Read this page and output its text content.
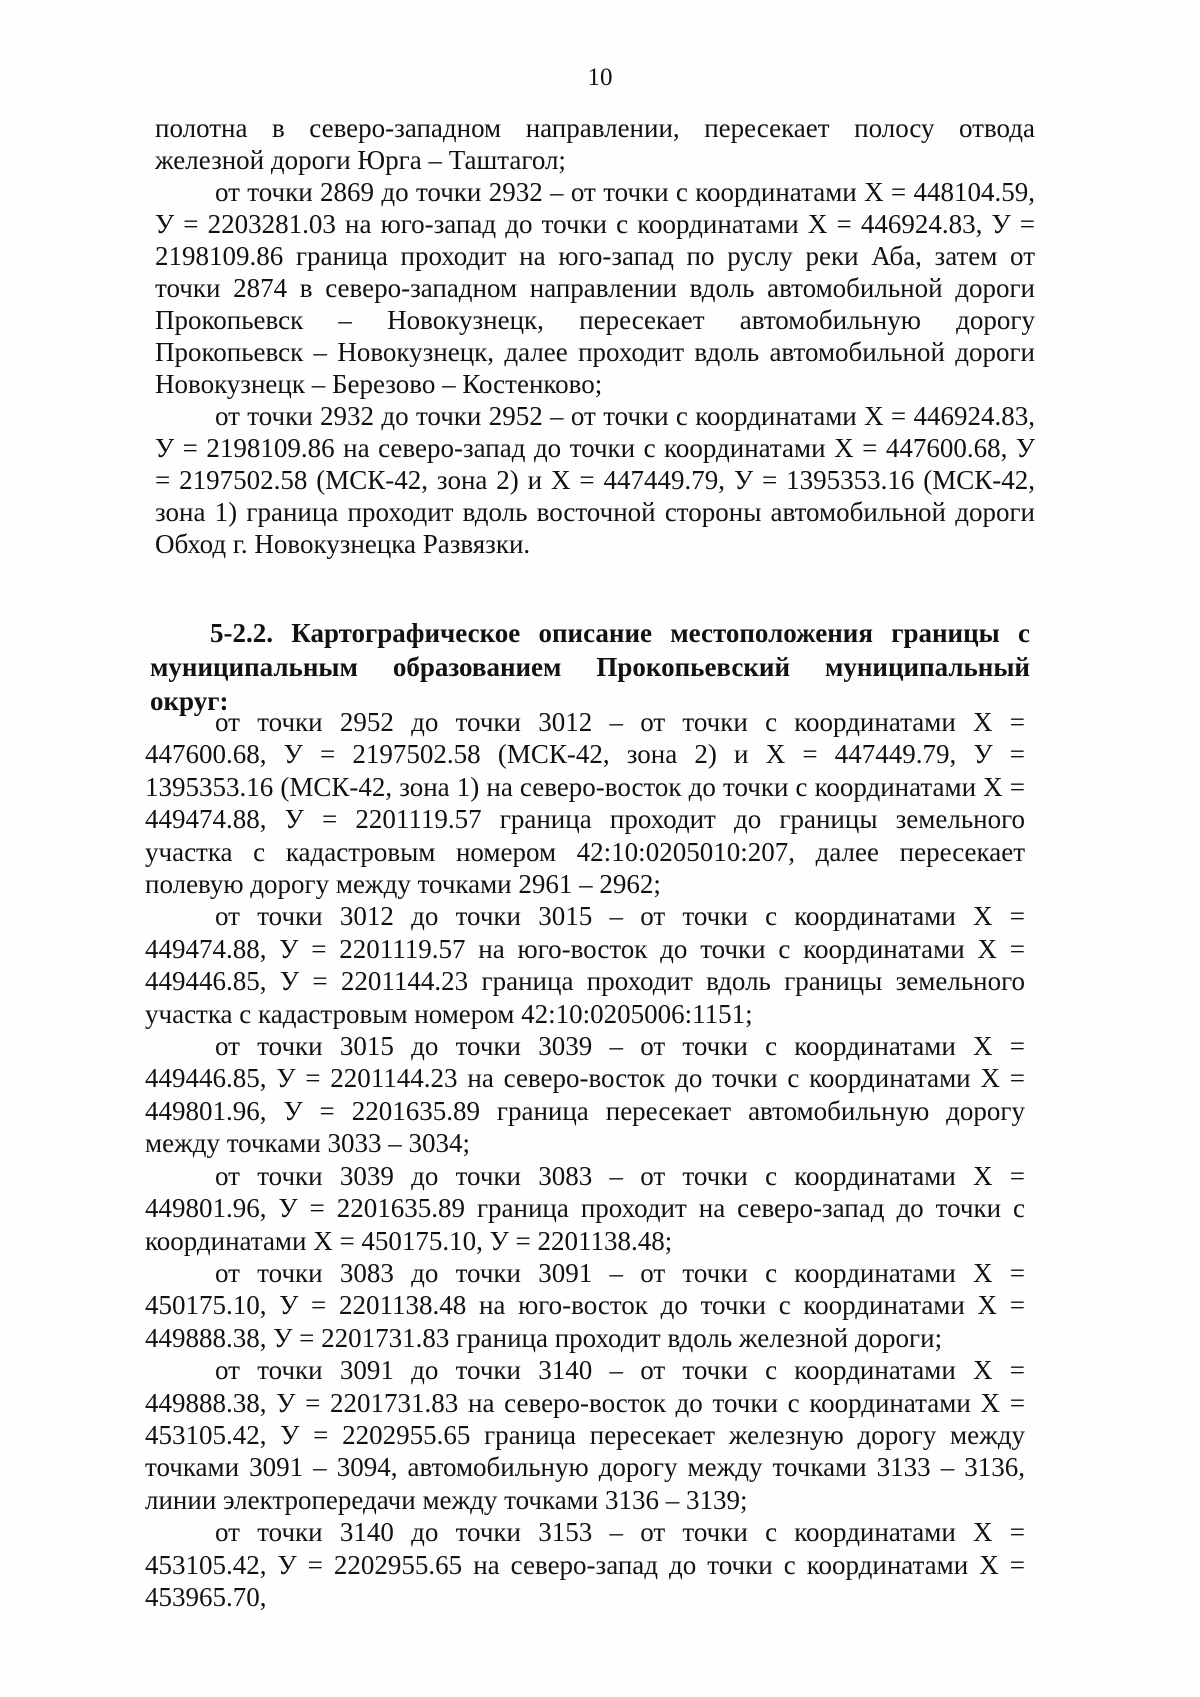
10

полотна в северо-западном направлении, пересекает полосу отвода железной дороги Юрга – Таштагол;

от точки 2869 до точки 2932 – от точки с координатами X = 448104.59, У = 2203281.03 на юго-запад до точки с координатами X = 446924.83, У = 2198109.86 граница проходит на юго-запад по руслу реки Аба, затем от точки 2874 в северо-западном направлении вдоль автомобильной дороги Прокопьевск – Новокузнецк, пересекает автомобильную дорогу Прокопьевск – Новокузнецк, далее проходит вдоль автомобильной дороги Новокузнецк – Березово – Костенково;

от точки 2932 до точки 2952 – от точки с координатами X = 446924.83, У = 2198109.86 на северо-запад до точки с координатами X = 447600.68, У = 2197502.58 (МСК-42, зона 2) и X = 447449.79, У = 1395353.16 (МСК-42, зона 1) граница проходит вдоль восточной стороны автомобильной дороги Обход г. Новокузнецка Развязки.

5-2.2. Картографическое описание местоположения границы с муниципальным образованием Прокопьевский муниципальный округ:

от точки 2952 до точки 3012 – от точки с координатами X = 447600.68, У = 2197502.58 (МСК-42, зона 2) и X = 447449.79, У = 1395353.16 (МСК-42, зона 1) на северо-восток до точки с координатами X = 449474.88, У = 2201119.57 граница проходит до границы земельного участка с кадастровым номером 42:10:0205010:207, далее пересекает полевую дорогу между точками 2961 – 2962;

от точки 3012 до точки 3015 – от точки с координатами X = 449474.88, У = 2201119.57 на юго-восток до точки с координатами X = 449446.85, У = 2201144.23 граница проходит вдоль границы земельного участка с кадастровым номером 42:10:0205006:1151;

от точки 3015 до точки 3039 – от точки с координатами X = 449446.85, У = 2201144.23 на северо-восток до точки с координатами X = 449801.96, У = 2201635.89 граница пересекает автомобильную дорогу между точками 3033 – 3034;

от точки 3039 до точки 3083 – от точки с координатами X = 449801.96, У = 2201635.89 граница проходит на северо-запад до точки с координатами X = 450175.10, У = 2201138.48;

от точки 3083 до точки 3091 – от точки с координатами X = 450175.10, У = 2201138.48 на юго-восток до точки с координатами X = 449888.38, У = 2201731.83 граница проходит вдоль железной дороги;

от точки 3091 до точки 3140 – от точки с координатами X = 449888.38, У = 2201731.83 на северо-восток до точки с координатами X = 453105.42, У = 2202955.65 граница пересекает железную дорогу между точками 3091 – 3094, автомобильную дорогу между точками 3133 – 3136, линии электропередачи между точками 3136 – 3139;

от точки 3140 до точки 3153 – от точки с координатами X = 453105.42, У = 2202955.65 на северо-запад до точки с координатами X = 453965.70,
